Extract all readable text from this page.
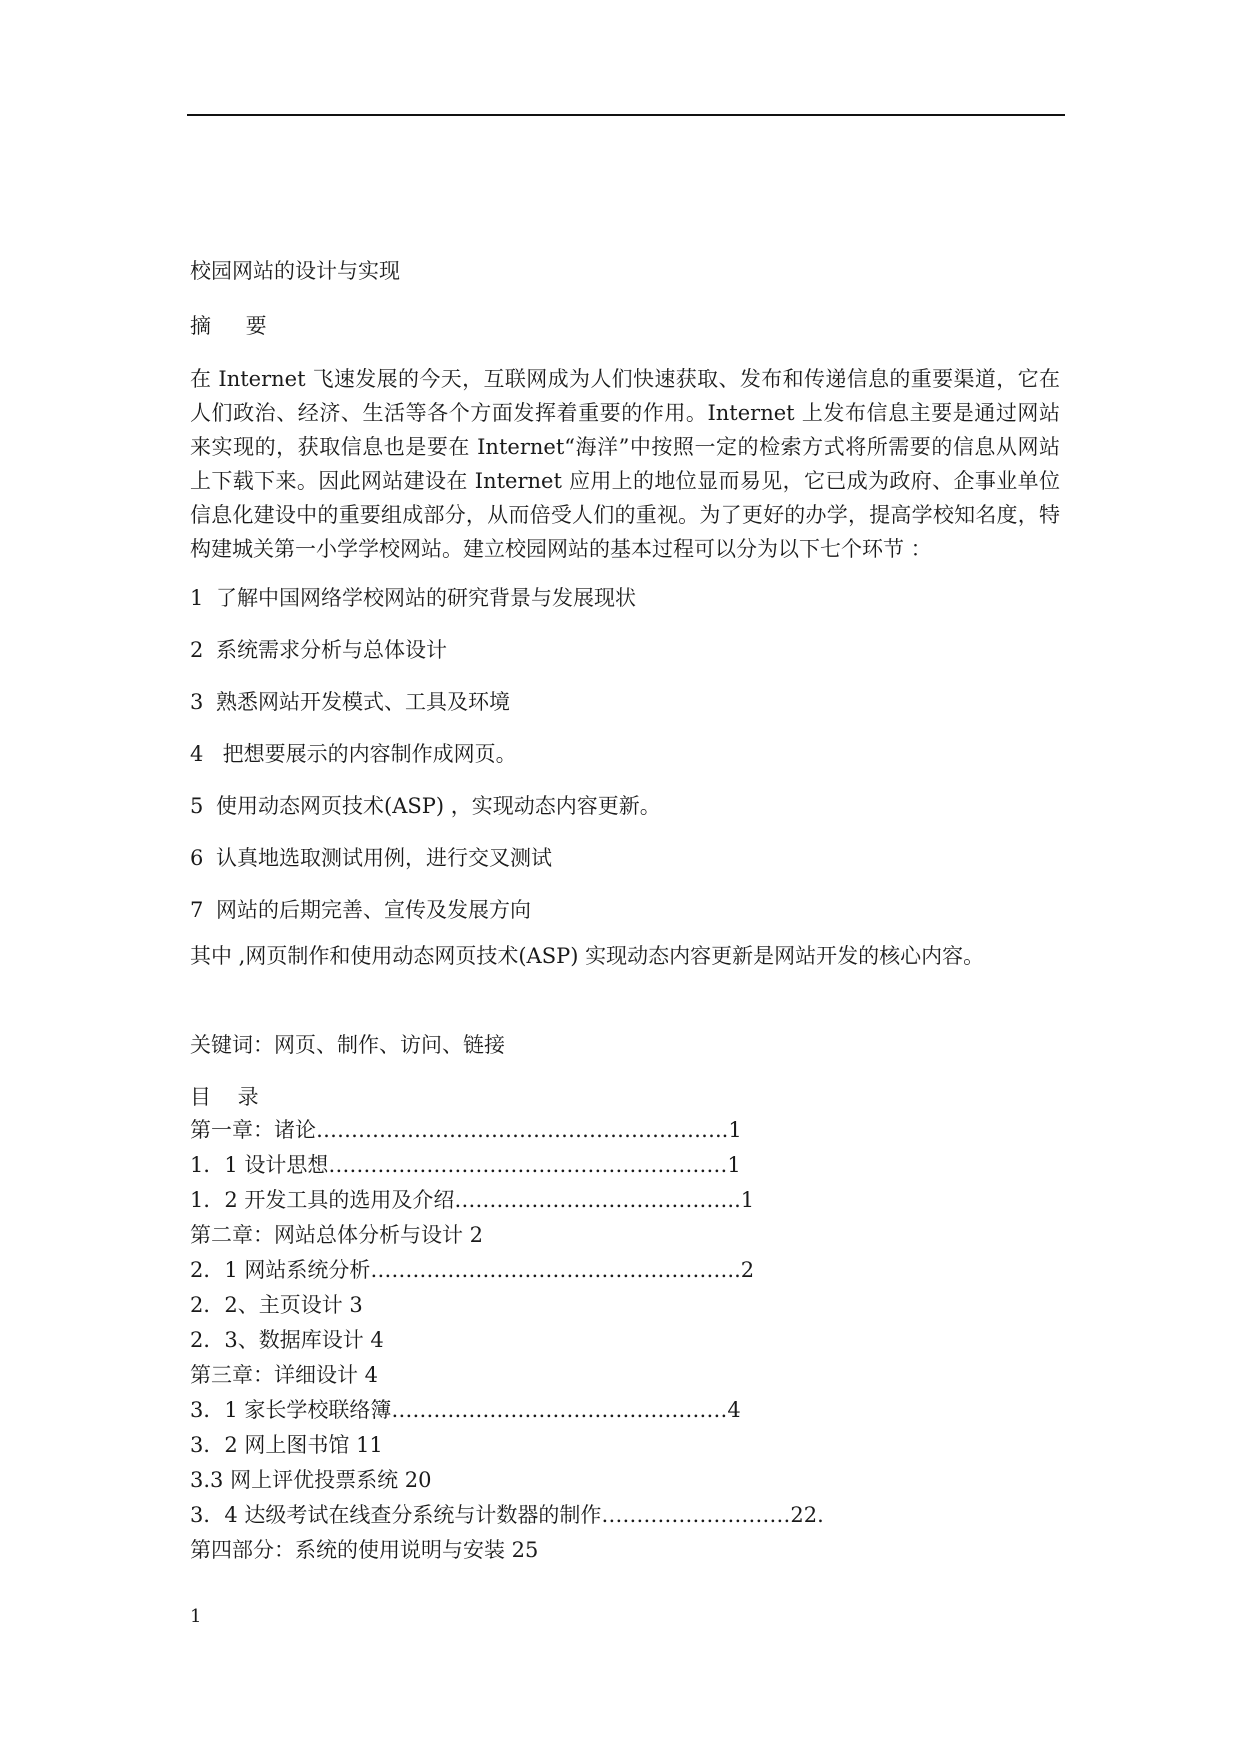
校园网站的设计与实现

摘 要

在 Internet 飞速发展的今天，互联网成为人们快速获取、发布和传递信息的重要渠道，它在人们政治、经济、生活等各个方面发挥着重要的作用。Internet 上发布信息主要是通过网站来实现的，获取信息也是要在 Internet“海洋”中按照一定的检索方式将所需要的信息从网站上下载下来。因此网站建设在 Internet 应用上的地位显而易见，它已成为政府、企事业单位信息化建设中的重要组成部分，从而倍受人们的重视。为了更好的办学，提高学校知名度，特构建城关第一小学学校网站。建立校园网站的基本过程可以分为以下七个环节 ：

1 了解中国网络学校网站的研究背景与发展现状
2 系统需求分析与总体设计
3 熟悉网站开发模式、工具及环境
4 把想要展示的内容制作成网页。
5 使用动态网页技术(ASP) ，实现动态内容更新。
6 认真地选取测试用例，进行交叉测试
7 网站的后期完善、宣传及发展方向

其中 ,网页制作和使用动态网页技术(ASP) 实现动态内容更新是网站开发的核心内容。

关键词：网页、制作、访问、链接

目 录

第一章：诸论…………………………………………………..1
1．1 设计思想…………………………………………………1
1．2 开发工具的选用及介绍…………………………………..1
第二章：网站总体分析与设计 2
2．1 网站系统分析……………………………………………..2
2．2、主页设计 3
2．3、数据库设计 4
第三章：详细设计 4
3．1 家长学校联络簿…………………………………………4
3．2 网上图书馆 11
3.3 网上评优投票系统 20
3．4 达级考试在线查分系统与计数器的制作………………………22.
第四部分：系统的使用说明与安装 25
1
